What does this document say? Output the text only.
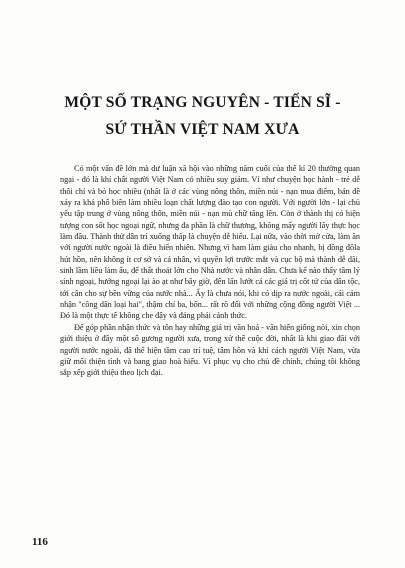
MỘT SỐ TRẠNG NGUYÊN - TIẾN SĨ -
SỨ THẦN VIỆT NAM XƯA

Có một vấn đề lớn mà dư luận xã hội vào những năm cuối của thế kỉ 20 thường quan ngại - đó là khí chất người Việt Nam có nhiều suy giảm. Ví như chuyện học hành - trẻ dễ thôi chí và bỏ học nhiều (nhất là ở các vùng nông thôn, miền núi - nạn mua điểm, bán đề xảy ra khá phổ biến làm nhiều loạn chất lượng đào tạo con người. Với người lớn - lại chủ yếu tập trung ở vùng nông thôn, miền núi - nạn mù chữ tăng lên. Còn ở thành thị có hiện tượng con sốt học ngoại ngữ, nhưng đa phần là chữ thương, không mấy người lấy thực học làm đầu. Thành thử dân trí xuống thấp là chuyện dễ hiểu. Lại nữa, vào thời mở cửa, làm ăn với người nước ngoài là điều hiển nhiên. Nhưng vì ham làm giàu cho nhanh, bị đồng đôla hút hồn, nên không ít cơ sở và cá nhân, vì quyền lợi trước mắt và cục bộ mà thành dễ dãi, sinh lầm liều làm ẩu, để thất thoát lớn cho Nhà nước và nhân dân. Chưa kể nào thấy tâm lý sính ngoại, hướng ngoại lại ào ạt như bây giờ, đến lấn lướt cả các giá trị cốt tử của dân tộc, tới cần cho sự bền vững của nước nhà... Ấy là chưa nói, khi có dịp ra nước ngoài, cái cảm nhận "công dân loại hai", thậm chí ba, bốn... rất rõ đối với những cộng đồng người Việt ... Đó là một thực tế không che đậy và đáng phải cảnh thức.

Để góp phần nhận thức và tôn hay những giá trị văn hoá - văn hiến giống nòi, xin chọn giới thiệu ở đây một số gương người xưa, trong xử thế cuộc đời, nhất là khi giao đãi với người nước ngoài, đã thể hiện tầm cao trí tuệ, tâm hồn và khí cách người Việt Nam, vừa giữ mối thiện tình và bang giao hoà hiếu. Vì phục vụ cho chủ đề chính, chúng tôi không sắp xếp giới thiệu theo lịch đại.

116
